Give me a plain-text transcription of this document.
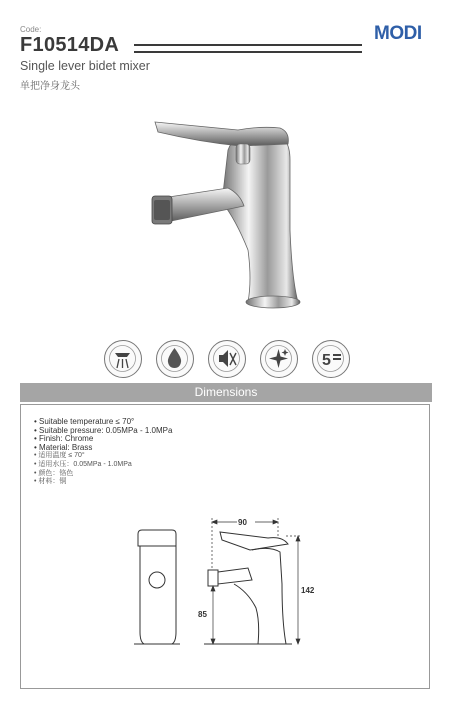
Code:
F10514DA
MODI
Single lever bidet mixer
单把净身龙头
5
Dimensions
• Suitable temperature ≤ 70°
• Suitable pressure: 0.05MPa - 1.0MPa
• Finish: Chrome
• Material: Brass
• 适用温度 ≤ 70°
• 适用水压：0.05MPa - 1.0MPa
• 颜色：铬色
• 材料：铜
90
142
85
